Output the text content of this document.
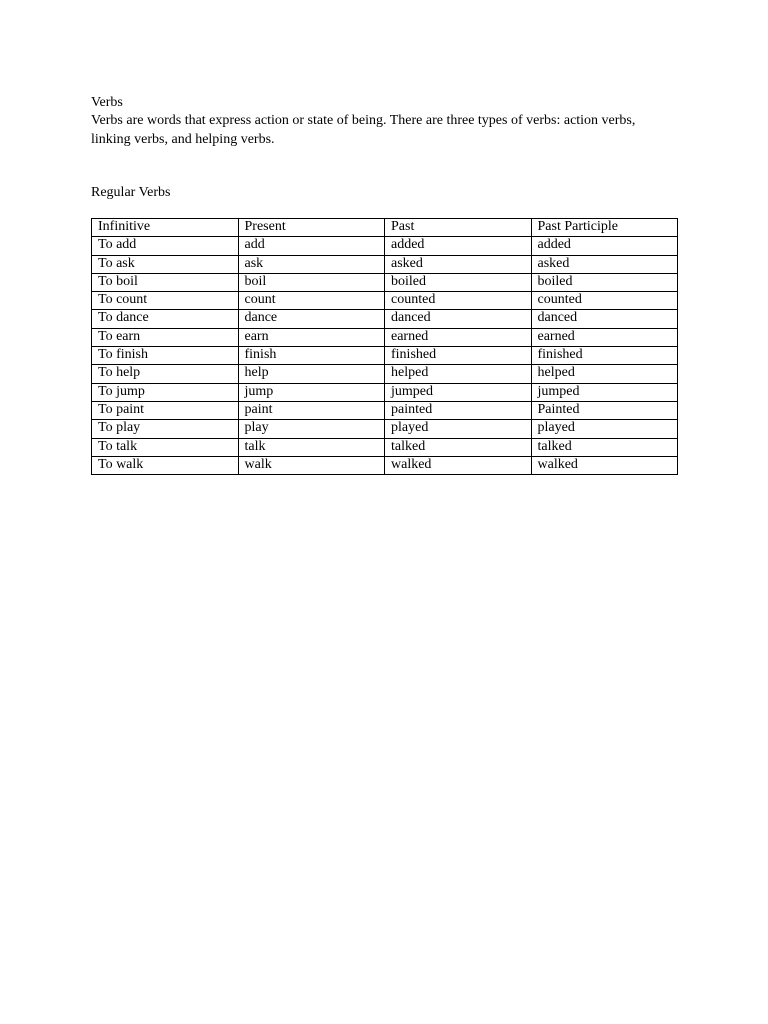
Verbs

Verbs are words that express action or state of being. There are three types of verbs: action verbs, linking verbs, and helping verbs.

Regular Verbs

Infinitive	Present	Past	Past Participle
To add	add	added	added
To ask	ask	asked	asked
To boil	boil	boiled	boiled
To count	count	counted	counted
To dance	dance	danced	danced
To earn	earn	earned	earned
To finish	finish	finished	finished
To help	help	helped	helped
To jump	jump	jumped	jumped
To paint	paint	painted	Painted
To play	play	played	played
To talk	talk	talked	talked
To walk	walk	walked	walked
